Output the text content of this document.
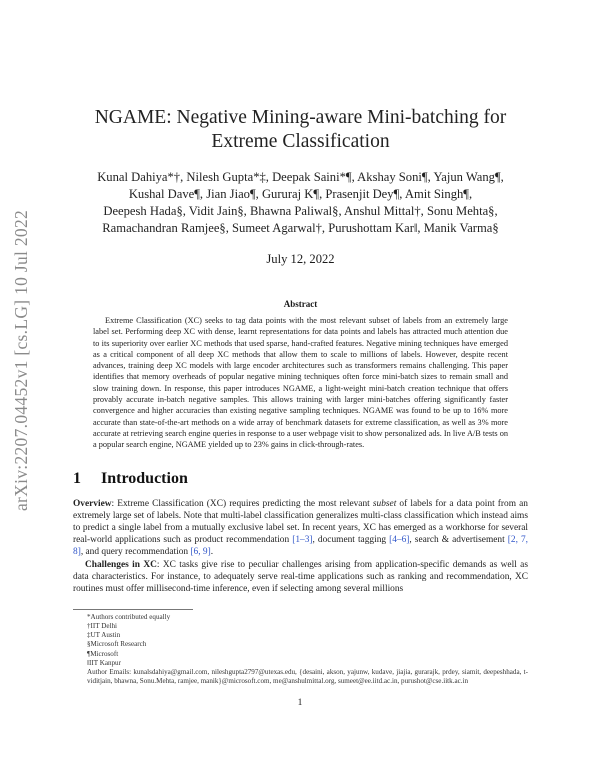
arXiv:2207.04452v1 [cs.LG] 10 Jul 2022
NGAME: Negative Mining-aware Mini-batching for Extreme Classification
Kunal Dahiya*†, Nilesh Gupta*‡, Deepak Saini*¶, Akshay Soni¶, Yajun Wang¶,
Kushal Dave¶, Jian Jiao¶, Gururaj K¶, Prasenjit Dey¶, Amit Singh¶,
Deepesh Hada§, Vidit Jain§, Bhawna Paliwal§, Anshul Mittal†, Sonu Mehta§,
Ramachandran Ramjee§, Sumeet Agarwal†, Purushottam Kar‖, Manik Varma§
July 12, 2022
Abstract
Extreme Classification (XC) seeks to tag data points with the most relevant subset of labels from an extremely large label set. Performing deep XC with dense, learnt representations for data points and labels has attracted much attention due to its superiority over earlier XC methods that used sparse, hand-crafted features. Negative mining techniques have emerged as a critical component of all deep XC methods that allow them to scale to millions of labels. However, despite recent advances, training deep XC models with large encoder architectures such as transformers remains challenging. This paper identifies that memory overheads of popular negative mining techniques often force mini-batch sizes to remain small and slow training down. In response, this paper introduces NGAME, a light-weight mini-batch creation technique that offers provably accurate in-batch negative samples. This allows training with larger mini-batches offering significantly faster convergence and higher accuracies than existing negative sampling techniques. NGAME was found to be up to 16% more accurate than state-of-the-art methods on a wide array of benchmark datasets for extreme classification, as well as 3% more accurate at retrieving search engine queries in response to a user webpage visit to show personalized ads. In live A/B tests on a popular search engine, NGAME yielded up to 23% gains in click-through-rates.
1 Introduction

Overview: Extreme Classification (XC) requires predicting the most relevant subset of labels for a data point from an extremely large set of labels. Note that multi-label classification generalizes multi-class classification which instead aims to predict a single label from a mutually exclusive label set. In recent years, XC has emerged as a workhorse for several real-world applications such as product recommendation [1–3], document tagging [4–6], search & advertisement [2, 7, 8], and query recommendation [6, 9].

Challenges in XC: XC tasks give rise to peculiar challenges arising from application-specific demands as well as data characteristics. For instance, to adequately serve real-time applications such as ranking and recommendation, XC routines must offer millisecond-time inference, even if selecting among several millions

*Authors contributed equally
†IIT Delhi
‡UT Austin
§Microsoft Research
¶Microsoft
‖IIT Kanpur
Author Emails: kunalsdahiya@gmail.com, nileshgupta2797@utexas.edu, {desaini, akson, yajunw, kudave, jiajia, gurarajk, prdey, siamit, deepeshhada, t-viditjain, bhawna, Sonu.Mehta, ramjee, manik}@microsoft.com, me@anshulmittal.org, sumeet@ee.iitd.ac.in, purushot@cse.iitk.ac.in
1
